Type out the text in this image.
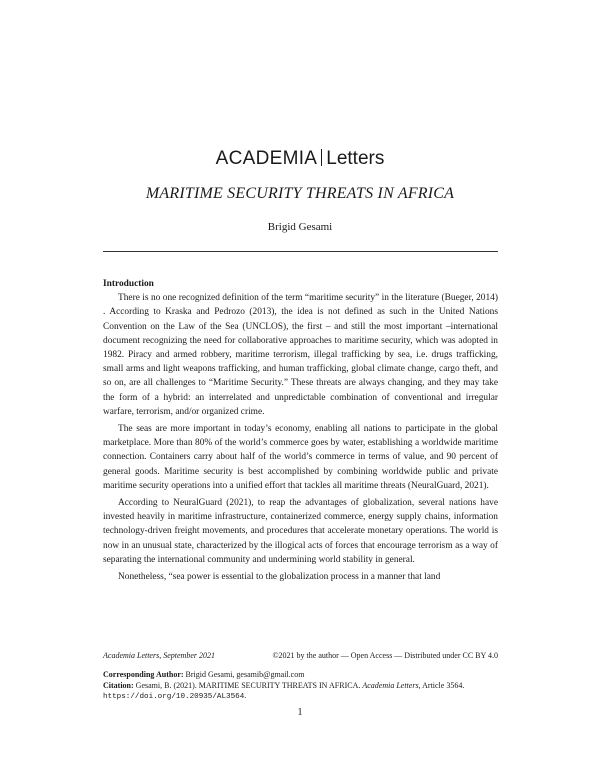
ACADEMIA Letters
MARITIME SECURITY THREATS IN AFRICA
Brigid Gesami
Introduction

There is no one recognized definition of the term “maritime security” in the literature (Bueger, 2014) . According to Kraska and Pedrozo (2013), the idea is not defined as such in the United Nations Convention on the Law of the Sea (UNCLOS), the first – and still the most important –international document recognizing the need for collaborative approaches to maritime security, which was adopted in 1982. Piracy and armed robbery, maritime terrorism, illegal trafficking by sea, i.e. drugs trafficking, small arms and light weapons trafficking, and human trafficking, global climate change, cargo theft, and so on, are all challenges to “Maritime Security.” These threats are always changing, and they may take the form of a hybrid: an interrelated and unpredictable combination of conventional and irregular warfare, terrorism, and/or organized crime.

The seas are more important in today’s economy, enabling all nations to participate in the global marketplace. More than 80% of the world’s commerce goes by water, establishing a worldwide maritime connection. Containers carry about half of the world’s commerce in terms of value, and 90 percent of general goods. Maritime security is best accomplished by combining worldwide public and private maritime security operations into a unified effort that tackles all maritime threats (NeuralGuard, 2021).

According to NeuralGuard (2021), to reap the advantages of globalization, several nations have invested heavily in maritime infrastructure, containerized commerce, energy supply chains, information technology-driven freight movements, and procedures that accelerate monetary operations. The world is now in an unusual state, characterized by the illogical acts of forces that encourage terrorism as a way of separating the international community and undermining world stability in general.

Nonetheless, “sea power is essential to the globalization process in a manner that land

Academia Letters, September 2021	©2021 by the author — Open Access — Distributed under CC BY 4.0
Corresponding Author: Brigid Gesami, gesamib@gmail.com
Citation: Gesami, B. (2021). MARITIME SECURITY THREATS IN AFRICA. Academia Letters, Article 3564. https://doi.org/10.20935/AL3564.
1
